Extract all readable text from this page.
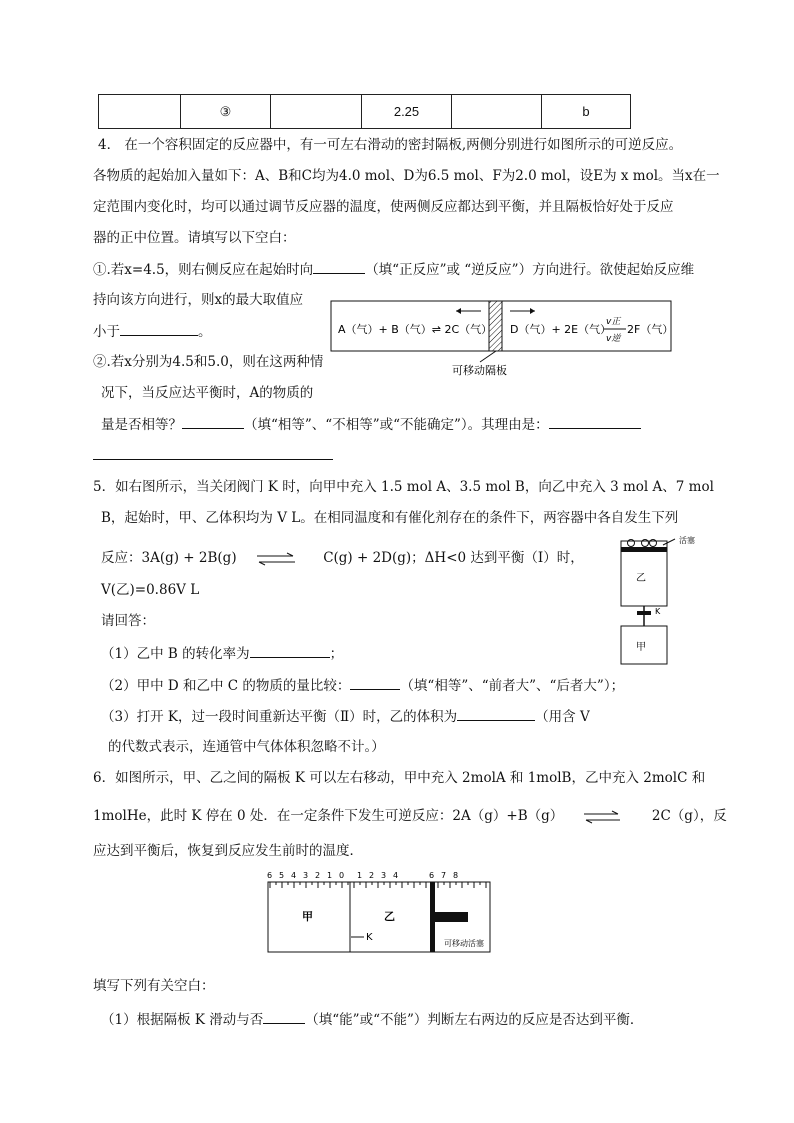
	③		2.25		b
4． 在一个容积固定的反应器中，有一可左右滑动的密封隔板,两侧分别进行如图所示的可逆反应。
各物质的起始加入量如下：A、B和C均为4.0 mol、D为6.5 mol、F为2.0 mol，设E为 x mol。当x在一
定范围内变化时，均可以通过调节反应器的温度，使两侧反应都达到平衡，并且隔板恰好处于反应
器的正中位置。请填写以下空白：
①.若x=4.5，则右侧反应在起始时向	（填“正反应”或 “逆反应”）方向进行。欲使起始反应维
持向该方向进行，则x的最大取值应
小于	。
②.若x分别为4.5和5.0，则在这两种情
况下，当反应达平衡时，A的物质的
量是否相等？	（填“相等”、“不相等”或“不能确定”）。其理由是：
A（气）+ B（气）⇌ 2C（气） D（气）+ 2E（气）
v正
v逆
2F（气）
可移动隔板
5．如右图所示，当关闭阀门 K 时，向甲中充入 1.5 mol A、3.5 mol B，向乙中充入 3 mol A、7 mol
B，起始时，甲、乙体积均为 V L。在相同温度和有催化剂存在的条件下，两容器中各自发生下列
反应：3A(g) + 2B(g) ⇌ C(g) + 2D(g)；ΔH<0 达到平衡（Ⅰ）时，
V(乙)=0.86V L
请回答：
（1）乙中 B 的转化率为	；
（2）甲中 D 和乙中 C 的物质的量比较：	（填“相等”、“前者大”、“后者大”）；
（3）打开 K，过一段时间重新达平衡（Ⅱ）时，乙的体积为	（用含 V
的代数式表示，连通管中气体体积忽略不计。）
活塞
乙
K
甲
6．如图所示，甲、乙之间的隔板 K 可以左右移动，甲中充入 2molA 和 1molB，乙中充入 2molC 和
1molHe，此时 K 停在 0 处．在一定条件下发生可逆反应：2A（g）+B（g） ⇌ 2C（g），反
应达到平衡后，恢复到反应发生前时的温度．
6 5 4 3 2 1 0 1 2 3 4	6 7 8
甲	乙
K
可移动活塞
填写下列有关空白：
（1）根据隔板 K 滑动与否	（填“能”或“不能”）判断左右两边的反应是否达到平衡．
